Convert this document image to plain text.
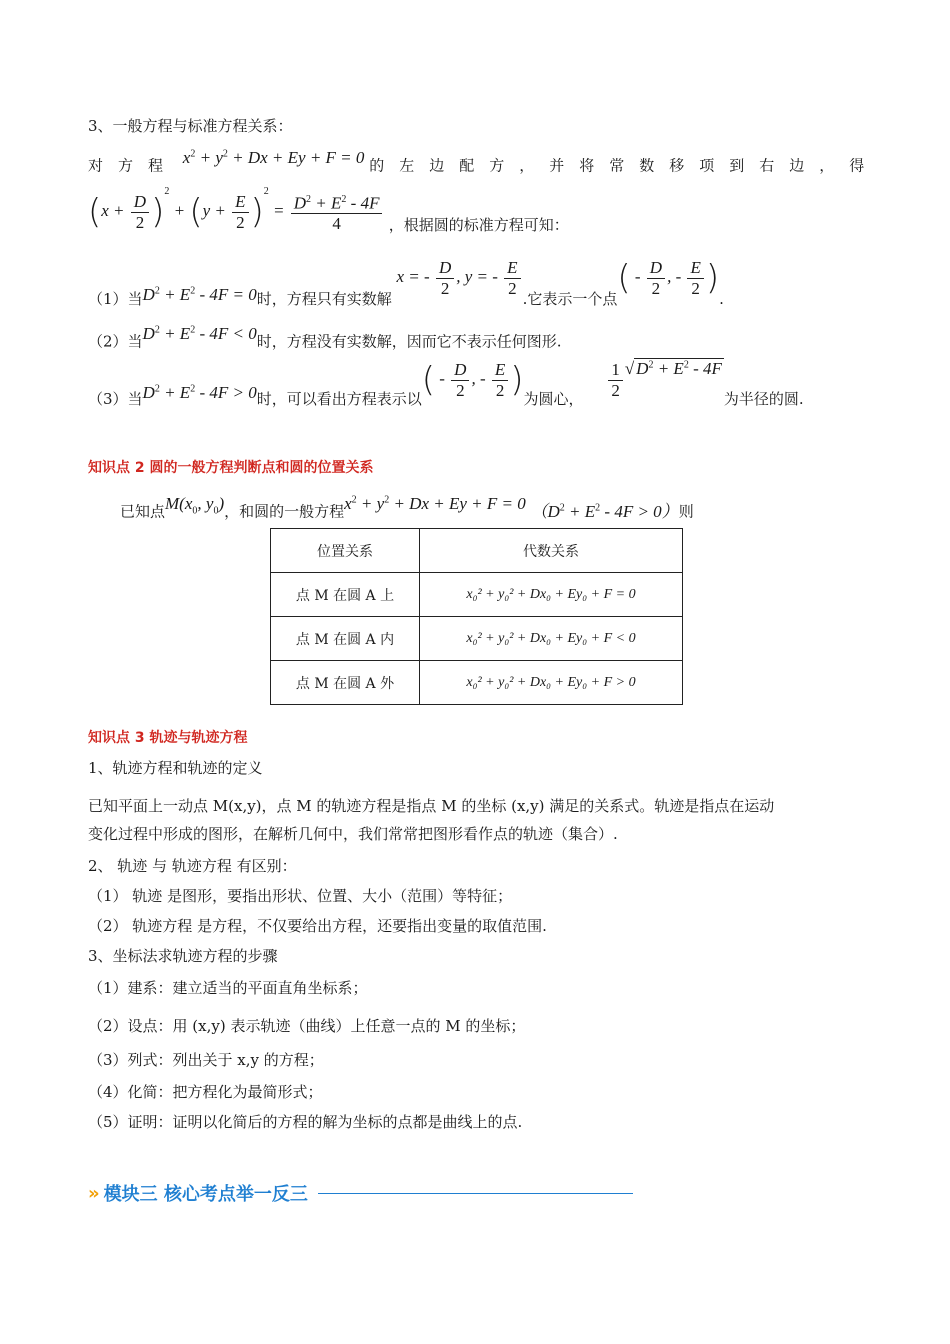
3、一般方程与标准方程关系：
对方程 $x^2 + y^2 + Dx + Ey + F = 0$ 的左边配方，并将常数移项到右边，得
$(x + \frac{D}{2} )^2 + (y + \frac{E}{2} )^2 = \frac{D^2 + E^2 - 4F}{4}$ ，根据圆的标准方程可知：
（1）当$D^2 + E^2 - 4F = 0$时，方程只有实数解 x = - $\frac{D}{2}$ , y = - $\frac{E}{2}$
.它表示一个点( - $\frac{D}{2}$ , - $\frac{E}{2}$ ).
（2）当$D^2 + E^2 - 4F < 0$时，方程没有实数解，因而它不表示任何图形.
（3）当$D^2 + E^2 - 4F > 0$时，可以看出方程表示以( - $\frac{D}{2}$ , - $\frac{E}{2}$ )为圆心， $\frac{1}{2}$ √ $D^2 + E^2 - 4F$为半径的圆.
知识点 2 圆的一般方程判断点和圆的位置关系
已知点$M(x_0$, $y_0$)，和圆的一般方程$x^2 + y^2 + Dx + Ey + F = 0$ $(D^2 + E^2 - 4F > 0)$则
位置关系	代数关系
点 M 在圆 A 上	x₀² + y₀² + Dx₀ + Ey₀ + F = 0
点 M 在圆 A 内	x₀² + y₀² + Dx₀ + Ey₀ + F < 0
点 M 在圆 A 外	x₀² + y₀² + Dx₀ + Ey₀ + F > 0
知识点 3 轨迹与轨迹方程
1、轨迹方程和轨迹的定义
已知平面上一动点 M(x,y)，点 M 的轨迹方程是指点 M 的坐标 (x,y) 满足的关系式。轨迹是指点在运动
变化过程中形成的图形，在解析几何中，我们常常把图形看作点的轨迹（集合）.
2、 轨迹 与 轨迹方程 有区别：
（1） 轨迹 是图形，要指出形状、位置、大小（范围）等特征；
（2） 轨迹方程 是方程，不仅要给出方程，还要指出变量的取值范围.
3、坐标法求轨迹方程的步骤
（1）建系：建立适当的平面直角坐标系；
（2）设点：用 (x,y) 表示轨迹（曲线）上任意一点的 M 的坐标；
（3）列式：列出关于 x,y 的方程；
（4）化简：把方程化为最简形式；
（5）证明：证明以化简后的方程的解为坐标的点都是曲线上的点.
» 模块三 核心考点举一反三
